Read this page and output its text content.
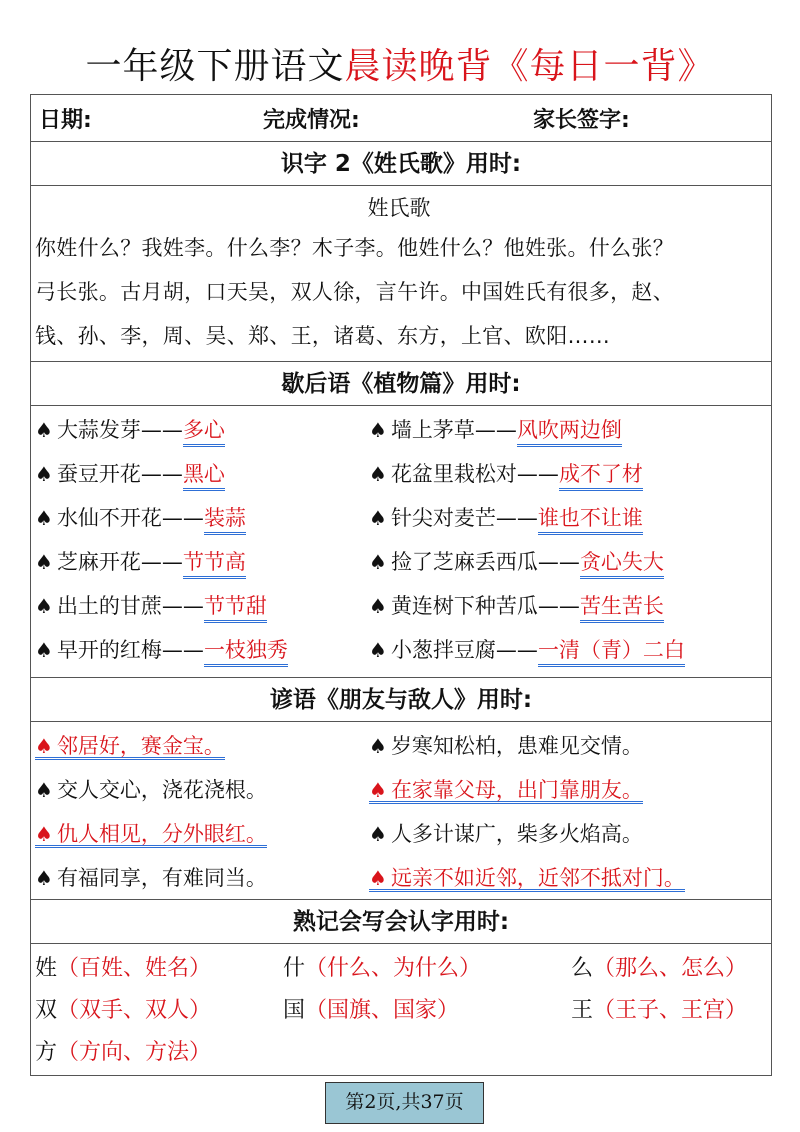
一年级下册语文晨读晚背《每日一背》
日期:	完成情况:	家长签字:
识字 2《姓氏歌》用时:
姓氏歌
你姓什么？我姓李。什么李？木子李。他姓什么？他姓张。什么张？
弓长张。古月胡，口天吴，双人徐，言午许。中国姓氏有很多，赵、
钱、孙、李，周、吴、郑、王，诸葛、东方，上官、欧阳……
歇后语《植物篇》用时:
♠ 大蒜发芽——多心	♠ 墙上茅草——风吹两边倒
♠ 蚕豆开花——黑心	♠ 花盆里栽松对——成不了材
♠ 水仙不开花——装蒜	♠ 针尖对麦芒——谁也不让谁
♠ 芝麻开花——节节高	♠ 捡了芝麻丢西瓜——贪心失大
♠ 出土的甘蔗——节节甜	♠ 黄连树下种苦瓜——苦生苦长
♠ 早开的红梅——一枝独秀	♠ 小葱拌豆腐——一清（青）二白
谚语《朋友与敌人》用时:
♠ 邻居好，赛金宝。	♠ 岁寒知松柏，患难见交情。
♠ 交人交心，浇花浇根。	♠ 在家靠父母，出门靠朋友。
♠ 仇人相见，分外眼红。	♠ 人多计谋广，柴多火焰高。
♠ 有福同享，有难同当。	♠ 远亲不如近邻，近邻不抵对门。
熟记会写会认字用时:
姓（百姓、姓名）	什（什么、为什么）	么（那么、怎么）
双（双手、双人）	国（国旗、国家）	王（王子、王宫）
方（方向、方法）
第2页,共37页
